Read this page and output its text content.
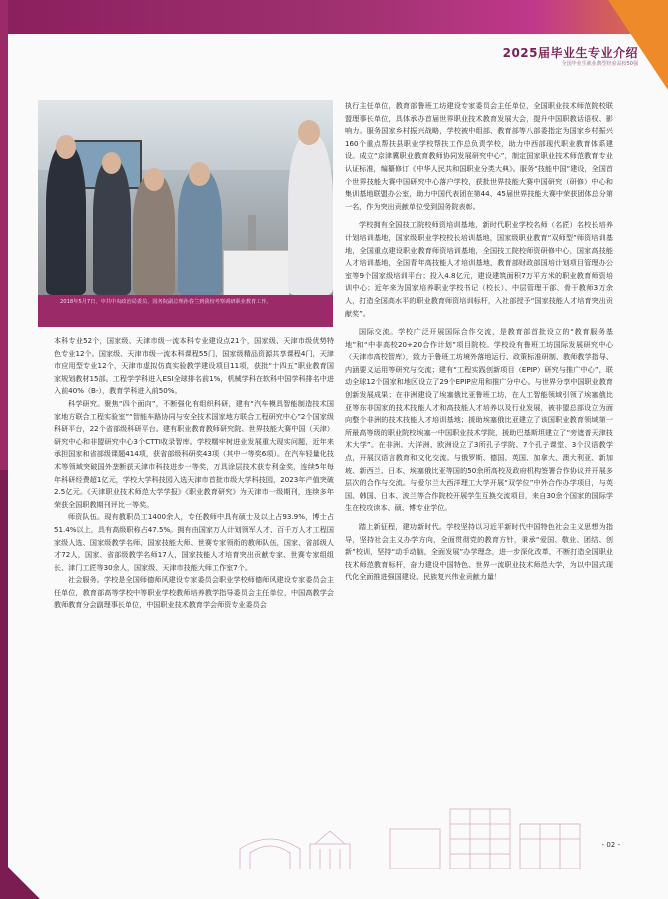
2025届毕业生专业介绍
全国毕业生就业典型经验高校50强
2018年5月7日，中共中央政治局委员、国务院副总理孙春兰到我校考察调研职业教育工作。

本科专业52个，国家级、天津市级一流本科专业建设点21个，国家级、天津市级优势特色专业12个。国家级、天津市级一流本科课程55门，国家级精品资源共享课程4门，天津市应用型专业12个，天津市虚拟仿真实验教学建设项目11项，获批“十四五”职业教育国家规划教材15部。工程学学科进入ESI全球排名前1%，机械学科在软科中国学科排名中进入前40%（B-），教育学科进入前50%。

科学研究。聚焦“四个面向”，不断强化有组织科研，建有“汽车模具智能制造技术国家地方联合工程实验室”“智能车路协同与安全技术国家地方联合工程研究中心”2个国家级科研平台，22个省部级科研平台。建有职业教育教师研究院、世界技能大赛中国（天津）研究中心和非盟研究中心3个CTTI收录智库。学校糯牢树进业发展重大现实问题，近年来承担国家和省部级课题414项，获省部级科研奖43项（其中一等奖6项）。在汽车轻量化技术等领域突破国外垄断获天津市科技进步一等奖，万具涂层技术获专利金奖，连续5年每年科研经费超1亿元，学校大学科技园入选天津市首批市级大学科技园，2023年产值突破2.5亿元。《天津职业技术师范大学学报》《职业教育研究》为天津市一级期刊，连续多年荣获全国职教期刊评比一等奖。

师资队伍。现有教职员工1400余人，专任教师中具有硕士及以上占93.9%，博士占51.4%以上，具有高级职称占47.5%。拥有由国家万人计划领军人才、百千万人才工程国家级人选、国家级教学名师、国家技能大师、世赛专家领衔的教师队伍，国家、省部级人才72人，国家、省部级教学名师17人，国家技能人才培育突出贡献专家、世赛专家组组长、津门工匠等30余人，国家级、天津市技能大师工作室7个。

社会服务。学校是全国师德师风建设专家委员会职业学校师德师风建设专家委员会主任单位，教育部高等学校中等职业学校教师培养教学指导委员会主任单位，中国高教学会教师教育分会副理事长单位，中国职业技术教育学会师资专业委员会

执行主任单位，教育部鲁班工坊建设专家委员会主任单位，全国职业技术师范院校联盟理事长单位，具体承办首届世界职业技术教育发展大会，提升中国职教话语权、影响力。服务国家乡村振兴战略，学校被中组部、教育部等八部委指定为国家乡村振兴160个重点帮扶县职业学校帮扶工作总负责学校，助力中西部现代职业教育体系建设。成立“京津冀职业教育教师协同发展研究中心”，制定国家职业技术师范教育专业认证标准，编纂修订《中华人民共和国职业分类大典》。服务“技能中国”建设，全国首个世界技能大赛中国研究中心落户学校，获批世界技能大赛中国研究（研修）中心和集训基地联盟办公室，助力中国代表团在第44、45届世界技能大赛中荣获团体总分第一名，作为突出贡献单位受到国务院表彰。

学校拥有全国技工院校师资培训基地，新时代职业学校名师（名匠）名校长培养计划培训基地，国家级职业学校校长培训基地，国家级职业教育“双师型”师资培训基地，全国重点建设职业教育师资培训基地，全国技工院校师资研修中心，国家高技能人才培训基地，全国青年高技能人才培训基地，教育部财政部国培计划项目管理办公室等9个国家级培训平台；投入4.8亿元，建设建筑面积7万平方米的职业教育师资培训中心；近年来为国家培养职业学校书记（校长）、中层管理干部、骨干教师3万余人，打造全国高水平的职业教育师资培训标杆，入社部授予“国家技能人才培育突出贡献奖”。

国际交流。学校广泛开展国际合作交流，是教育部首批设立的“教育服务基地”和“中非高校20+20合作计划”项目院校。学校设有鲁班工坊国际发展研究中心（天津市高校智库），致力于鲁班工坊境外落地运行、政策标准研制、教师教学指导、内涵要义运用等研究与交流；建有“工程实践创新项目（EPIP）研究与推广中心”，联动全球12个国家和地区设立了29个EPIP应用和推广分中心。与世界分享中国职业教育创新发展成果；在非洲建设了埃塞俄比亚鲁班工坊，在人工智能领域引领了埃塞俄比亚等东非国家的技术技能人才和高技能人才培养以及行业发展，被非盟总部设立为面向整个非洲的技术技能人才培训基地；援助埃塞俄比亚建立了该国职业教育领域第一所最高等级的职业院校埃塞一中国职业技术学院，援助巴基斯坦建立了“旁遮普天津技术大学”。在非洲、大洋洲、欧洲设立了3所孔子学院、7个孔子课堂、3个汉语教学点，开展汉语言教育和文化交流。与俄罗斯、德国、英国、加拿大、澳大利亚、新加坡、新西兰、日本、埃塞俄比亚等国的50余所高校及政府机构签署合作协议并开展多层次的合作与交流。与爱尔兰大西洋理工大学开展“双学位”中外合作办学项目，与英国、韩国、日本、波兰等合作院校开展学生互换交流项目，来自30余个国家的国际学生在校攻读本、硕、博专业学位。

踏上新征程，建功新时代。学校坚持以习近平新时代中国特色社会主义思想为指导，坚持社会主义办学方向，全面贯彻党的教育方针，秉承“爱国、敬业、团结、创新”校训，坚持“动手动脑，全面发展”办学理念，进一步深化改革，不断打造全国职业技术师范教育标杆，奋力建设中国特色、世界一流职业技术师范大学，为以中国式现代化全面推进强国建设、民族复兴伟业贡献力量！

- 02 -
